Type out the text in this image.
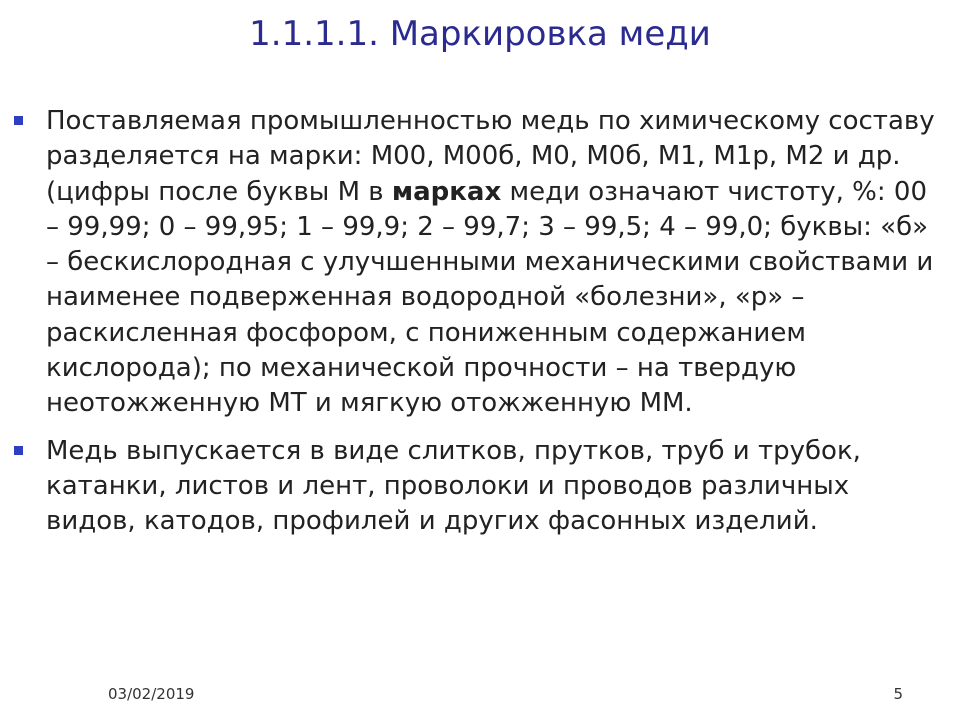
1.1.1.1. Маркировка меди
Поставляемая промышленностью медь по химическому составу разделяется на марки: М00, М00б, М0, М0б, М1, М1р, М2 и др. (цифры после буквы М в марках меди означают чистоту, %: 00 – 99,99; 0 – 99,95; 1 – 99,9; 2 – 99,7; 3 – 99,5; 4 – 99,0; буквы: «б» – бескислородная с улучшенными механическими свойствами и наименее подверженная водородной «болезни», «р» – раскисленная фосфором, с пониженным содержанием кислорода); по механической прочности – на твердую неотожженную МТ и мягкую отожженную ММ.
Медь выпускается в виде слитков, прутков, труб и трубок, катанки, листов и лент, проволоки и проводов различных видов, катодов, профилей и других фасонных изделий.
03/02/2019	5
